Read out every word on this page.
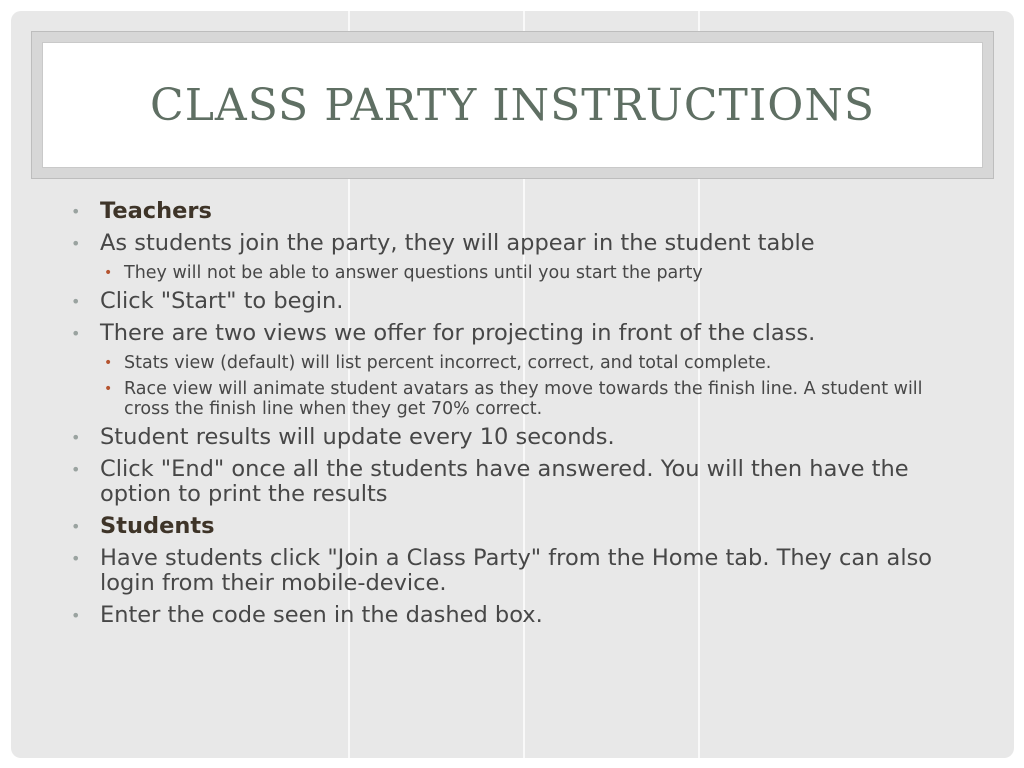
CLASS PARTY INSTRUCTIONS
• Teachers
• As students join the party, they will appear in the student table
• They will not be able to answer questions until you start the party
• Click "Start" to begin.
• There are two views we offer for projecting in front of the class.
• Stats view (default) will list percent incorrect, correct, and total complete.
• Race view will animate student avatars as they move towards the finish line. A student will cross the finish line when they get 70% correct.
• Student results will update every 10 seconds.
• Click "End" once all the students have answered. You will then have the option to print the results
• Students
• Have students click "Join a Class Party" from the Home tab. They can also login from their mobile-device.
• Enter the code seen in the dashed box.
